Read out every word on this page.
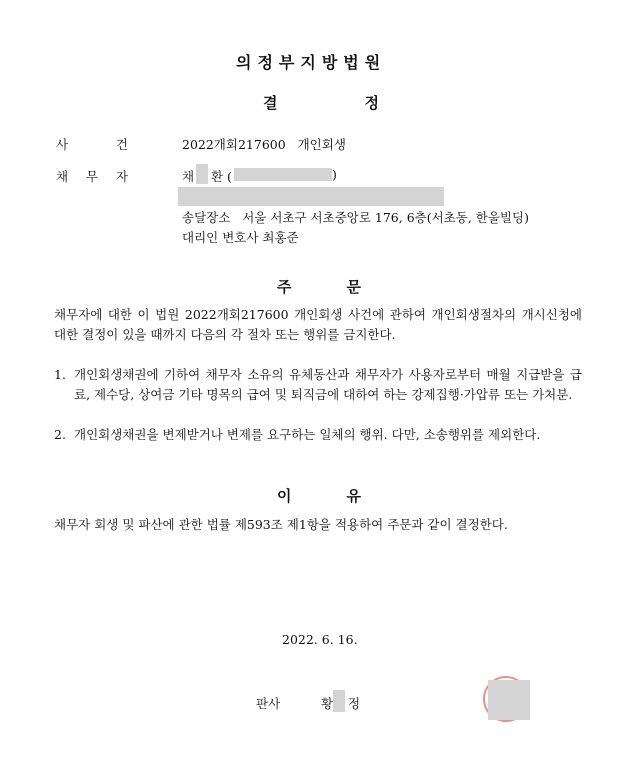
의정부지방법원
결	정
사	건	2022개회217600   개인회생
채 무 자	채 환 (	)
송달장소   서울 서초구 서초중앙로 176, 6층(서초동, 한울빌딩)
대리인 변호사 최홍준
주	문
채무자에 대한 이 법원 2022개회217600 개인회생 사건에 관하여 개인회생절차의 개시신청에 대한 결정이 있을 때까지 다음의 각 절차 또는 행위를 금지한다.
1. 개인회생채권에 기하여 채무자 소유의 유체동산과 채무자가 사용자로부터 매월 지급받을 급료, 제수당, 상여금 기타 명목의 급여 및 퇴직금에 대하여 하는 강제집행·가압류 또는 가처분.
2. 개인회생채권을 변제받거나 변제를 요구하는 일체의 행위. 다만, 소송행위를 제외한다.
이	유
채무자 회생 및 파산에 관한 법률 제593조 제1항을 적용하여 주문과 같이 결정한다.
2022. 6. 16.
판사	황 정
